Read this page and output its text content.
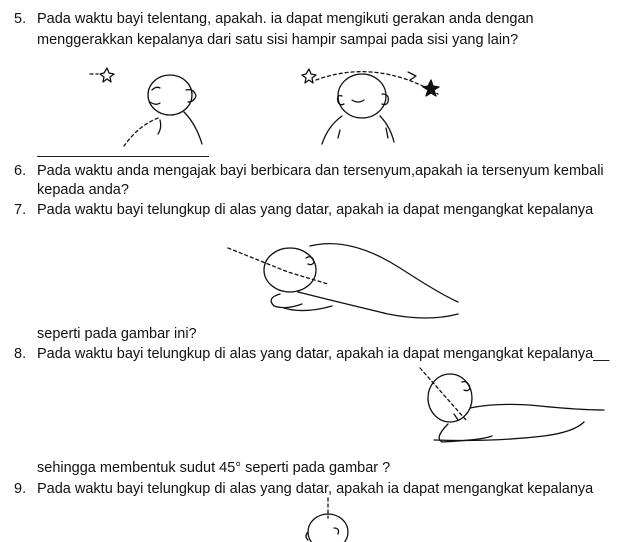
5. Pada waktu bayi telentang, apakah. ia dapat mengikuti gerakan anda dengan
menggerakkan kepalanya dari satu sisi hampir sampai pada sisi yang lain?
6. Pada waktu anda mengajak bayi berbicara dan tersenyum,apakah ia tersenyum kembali
kepada anda?
7. Pada waktu bayi telungkup di alas yang datar, apakah ia dapat mengangkat kepalanya
seperti pada gambar ini?
8. Pada waktu bayi telungkup di alas yang datar, apakah ia dapat mengangkat kepalanya__
sehingga membentuk sudut 45° seperti pada gambar ?
9. Pada waktu bayi telungkup di alas yang datar, apakah ia dapat mengangkat kepalanya
